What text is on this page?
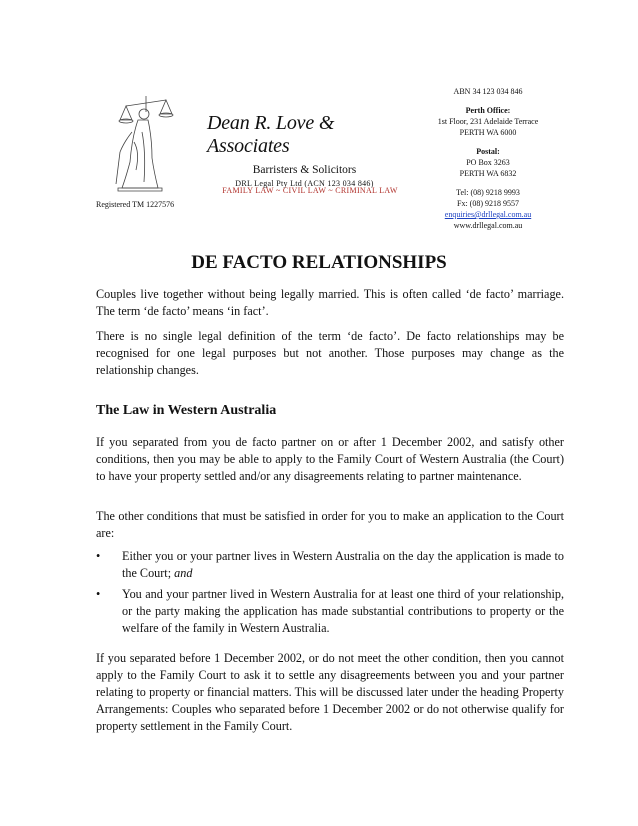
Registered TM 1227576
Dean R. Love & Associates
Barristers & Solicitors
DRL Legal Pty Ltd (ACN 123 034 846)
FAMILY LAW ~ CIVIL LAW ~ CRIMINAL LAW
ABN 34 123 034 846
Perth Office:
1st Floor, 231 Adelaide Terrace
PERTH WA 6000
Postal:
PO Box 3263
PERTH WA 6832
Tel: (08) 9218 9993
Fx: (08) 9218 9557
enquiries@drllegal.com.au
www.drllegal.com.au
DE FACTO RELATIONSHIPS

Couples live together without being legally married. This is often called ‘de facto’ marriage. The term ‘de facto’ means ‘in fact’.

There is no single legal definition of the term ‘de facto’. De facto relationships may be recognised for one legal purposes but not another. Those purposes may change as the relationship changes.

The Law in Western Australia

If you separated from you de facto partner on or after 1 December 2002, and satisfy other conditions, then you may be able to apply to the Family Court of Western Australia (the Court) to have your property settled and/or any disagreements relating to partner maintenance.

The other conditions that must be satisfied in order for you to make an application to the Court are:

• Either you or your partner lives in Western Australia on the day the application is made to the Court; and
• You and your partner lived in Western Australia for at least one third of your relationship, or the party making the application has made substantial contributions to property or the welfare of the family in Western Australia.

If you separated before 1 December 2002, or do not meet the other condition, then you cannot apply to the Family Court to ask it to settle any disagreements between you and your partner relating to property or financial matters. This will be discussed later under the heading Property Arrangements: Couples who separated before 1 December 2002 or do not otherwise qualify for property settlement in the Family Court.
